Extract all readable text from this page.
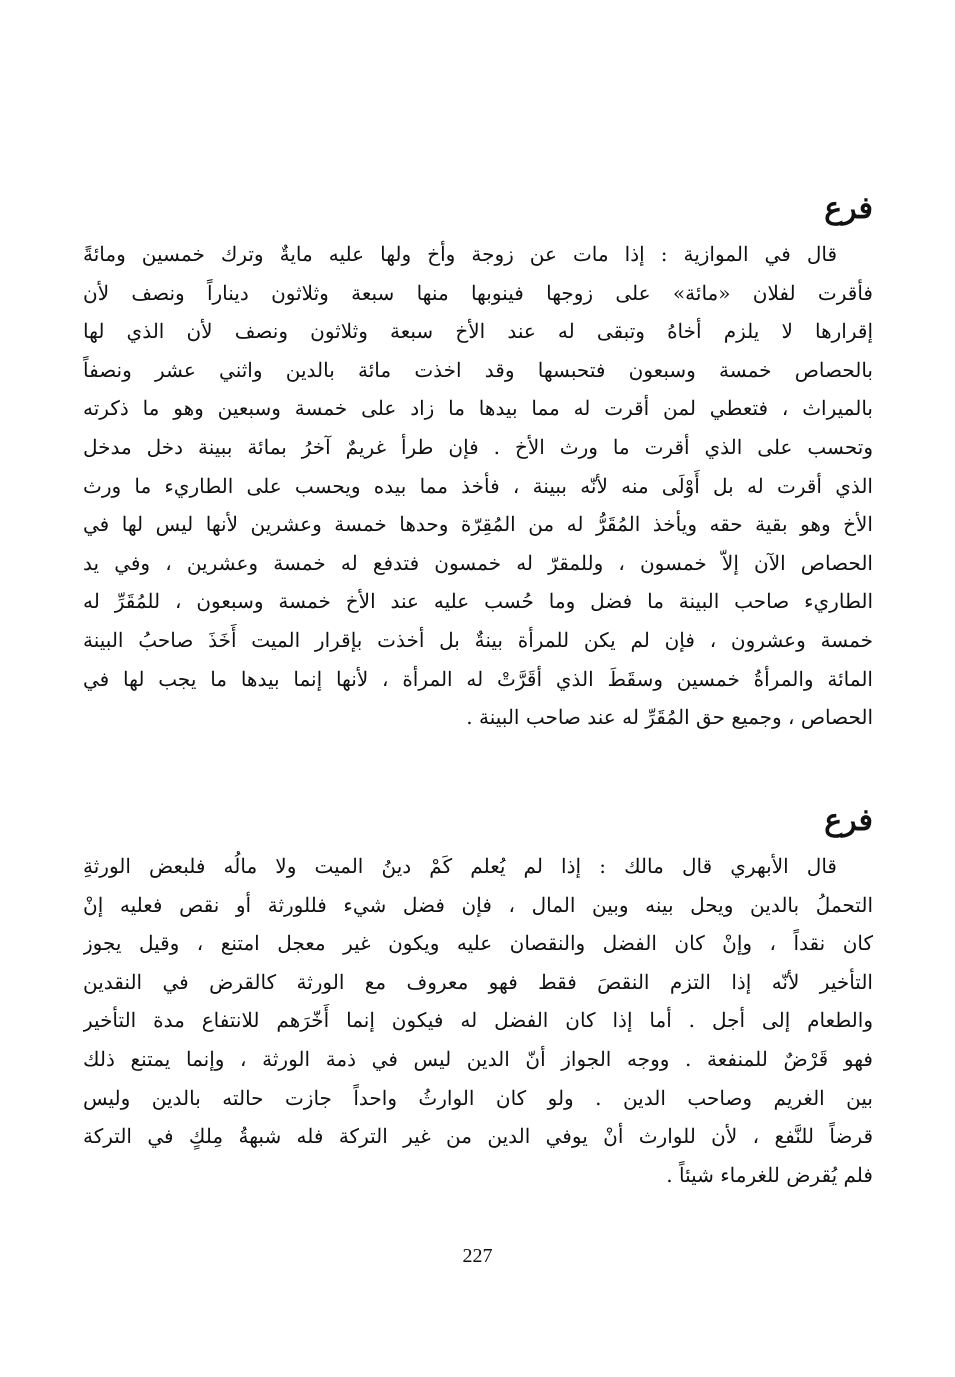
فرع
قال في الموازية : إذا مات عن زوجة وأخ ولها عليه مايةٌ وترك خمسين ومائةً
فأقرت لفلان «مائة» على زوجها فينوبها منها سبعة وثلاثون ديناراً ونصف لأن
إقرارها لا يلزم أخاهُ وتبقى له عند الأخ سبعة وثلاثون ونصف لأن الذي لها
بالحصاص خمسة وسبعون فتحبسها وقد اخذت مائة بالدين واثني عشر ونصفاً
بالميراث ، فتعطي لمن أقرت له مما بيدها ما زاد على خمسة وسبعين وهو ما ذكرته
وتحسب على الذي أقرت ما ورث الأخ . فإن طرأ غريمٌ آخرُ بمائة ببينة دخل مدخل
الذي أقرت له بل أَوْلَى منه لأنّه ببينة ، فأخذ مما بيده ويحسب على الطاريء ما ورث
الأخ وهو بقية حقه ويأخذ المُقَرُّ له من المُقِرّة وحدها خمسة وعشرين لأنها ليس لها في
الحصاص الآن إلاّ خمسون ، وللمقرّ له خمسون فتدفع له خمسة وعشرين ، وفي يد
الطاريء صاحب البينة ما فضل وما حُسب عليه عند الأخ خمسة وسبعون ، للمُقَرِّ له
خمسة وعشرون ، فإن لم يكن للمرأة بينةٌ بل أخذت بإقرار الميت أَخَذَ صاحبُ البينة
المائة والمرأةُ خمسين وسقَطَ الذي أقَرَّتْ له المرأة ، لأنها إنما بيدها ما يجب لها في
الحصاص ، وجميع حق المُقَرِّ له عند صاحب البينة .
فرع
قال الأبهري قال مالك : إذا لم يُعلم كَمْ دينُ الميت ولا مالُه فلبعض الورثةِ
التحملُ بالدين ويحل بينه وبين المال ، فإن فضل شيء فللورثة أو نقص فعليه إنْ
كان نقداً ، وإنْ كان الفضل والنقصان عليه ويكون غير معجل امتنع ، وقيل يجوز
التأخير لأنّه إذا التزم النقصَ فقط فهو معروف مع الورثة كالقرض في النقدين
والطعام إلى أجل . أما إذا كان الفضل له فيكون إنما أَخّرَهم للانتفاع مدة التأخير
فهو قَرْضٌ للمنفعة . ووجه الجواز أنّ الدين ليس في ذمة الورثة ، وإنما يمتنع ذلك
بين الغريم وصاحب الدين . ولو كان الوارثُ واحداً جازت حالته بالدين وليس
قرضاً للنَّفع ، لأن للوارث أنْ يوفي الدين من غير التركة فله شبهةُ مِلكٍ في التركة
فلم يُقرض للغرماء شيئاً .
227
